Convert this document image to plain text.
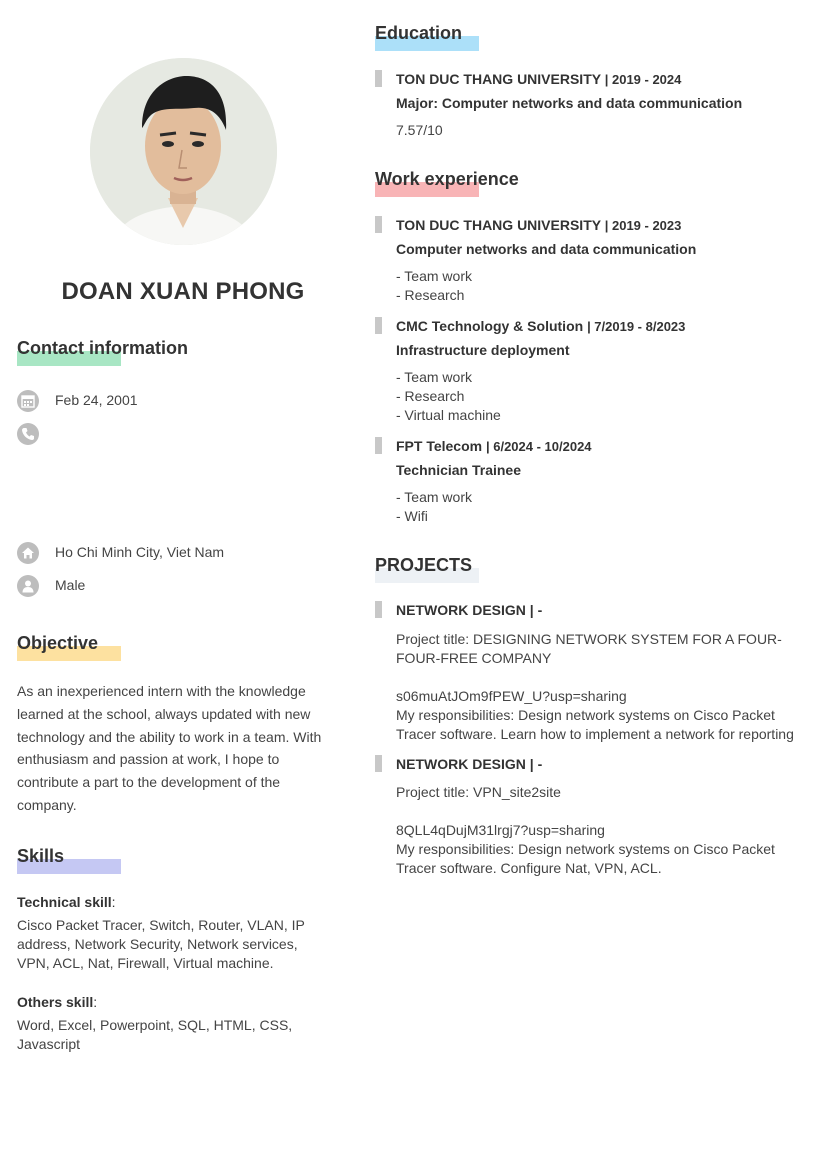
DOAN XUAN PHONG
Contact information
Feb 24, 2001
Ho Chi Minh City, Viet Nam
Male
Objective
As an inexperienced intern with the knowledge learned at the school, always updated with new technology and the ability to work in a team. With enthusiasm and passion at work, I hope to contribute a part to the development of the company.
Skills
Technical skill:
Cisco Packet Tracer, Switch, Router, VLAN, IP address, Network Security, Network services, VPN, ACL, Nat, Firewall, Virtual machine.
Others skill:
Word, Excel, Powerpoint, SQL, HTML, CSS, Javascript
Education
TON DUC THANG UNIVERSITY | 2019 - 2024
Major: Computer networks and data communication
7.57/10
Work experience
TON DUC THANG UNIVERSITY | 2019 - 2023
Computer networks and data communication
- Team work
- Research
CMC Technology & Solution | 7/2019 - 8/2023
Infrastructure deployment
- Team work
- Research
- Virtual machine
FPT Telecom | 6/2024 - 10/2024
Technician Trainee
- Team work
- Wifi
PROJECTS
NETWORK DESIGN | -
Project title: DESIGNING NETWORK SYSTEM FOR A FOUR-
FOUR-FREE COMPANY
s06muAtJOm9fPEW_U?usp=sharing
My responsibilities: Design network systems on Cisco Packet
Tracer software. Learn how to implement a network for reporting
NETWORK DESIGN | -
Project title: VPN_site2site
8QLL4qDujM31lrgj7?usp=sharing
My responsibilities: Design network systems on Cisco Packet
Tracer software. Configure Nat, VPN, ACL.
